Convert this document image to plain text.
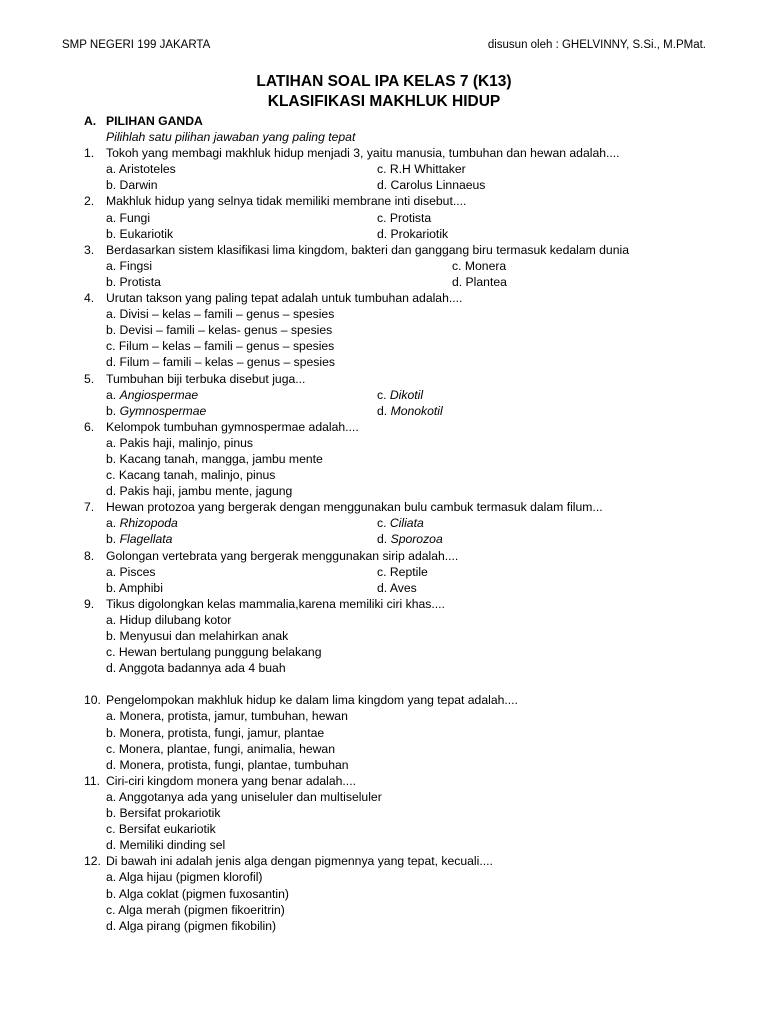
SMP NEGERI 199 JAKARTA	disusun oleh : GHELVINNY, S.Si., M.PMat.
LATIHAN SOAL IPA KELAS 7 (K13)
KLASIFIKASI MAKHLUK HIDUP
A. PILIHAN GANDA
Pilihlah satu pilihan jawaban yang paling tepat
1. Tokoh yang membagi makhluk hidup menjadi 3, yaitu manusia, tumbuhan dan hewan adalah....
a. Aristoteles	c. R.H Whittaker
b. Darwin	d. Carolus Linnaeus
2. Makhluk hidup yang selnya tidak memiliki membrane inti disebut....
a. Fungi	c. Protista
b. Eukariotik	d. Prokariotik
3. Berdasarkan sistem klasifikasi lima kingdom, bakteri dan ganggang biru termasuk kedalam dunia
a. Fingsi	c. Monera
b. Protista	d. Plantea
4. Urutan takson yang paling tepat adalah untuk tumbuhan adalah....
a. Divisi – kelas – famili – genus – spesies
b. Devisi – famili – kelas- genus – spesies
c. Filum – kelas – famili – genus – spesies
d. Filum – famili – kelas – genus – spesies
5. Tumbuhan biji terbuka disebut juga...
a. Angiospermae	c. Dikotil
b. Gymnospermae	d. Monokotil
6. Kelompok tumbuhan gymnospermae adalah....
a. Pakis haji, malinjo, pinus
b. Kacang tanah, mangga, jambu mente
c. Kacang tanah, malinjo, pinus
d. Pakis haji, jambu mente, jagung
7. Hewan protozoa yang bergerak dengan menggunakan bulu cambuk termasuk dalam filum...
a. Rhizopoda	c. Ciliata
b. Flagellata	d. Sporozoa
8. Golongan vertebrata yang bergerak menggunakan sirip adalah....
a. Pisces	c. Reptile
b. Amphibi	d. Aves
9. Tikus digolongkan kelas mammalia,karena memiliki ciri khas....
a. Hidup dilubang kotor
b. Menyusui dan melahirkan anak
c. Hewan bertulang punggung belakang
d. Anggota badannya ada 4 buah
10. Pengelompokan makhluk hidup ke dalam lima kingdom yang tepat adalah....
a. Monera, protista, jamur, tumbuhan, hewan
b. Monera, protista, fungi, jamur, plantae
c. Monera, plantae, fungi, animalia, hewan
d. Monera, protista, fungi, plantae, tumbuhan
11. Ciri-ciri kingdom monera yang benar adalah....
a. Anggotanya ada yang uniseluler dan multiseluler
b. Bersifat prokariotik
c. Bersifat eukariotik
d. Memiliki dinding sel
12. Di bawah ini adalah jenis alga dengan pigmennya yang tepat, kecuali....
a. Alga hijau (pigmen klorofil)
b. Alga coklat (pigmen fuxosantin)
c. Alga merah (pigmen fikoeritrin)
d. Alga pirang (pigmen fikobilin)
